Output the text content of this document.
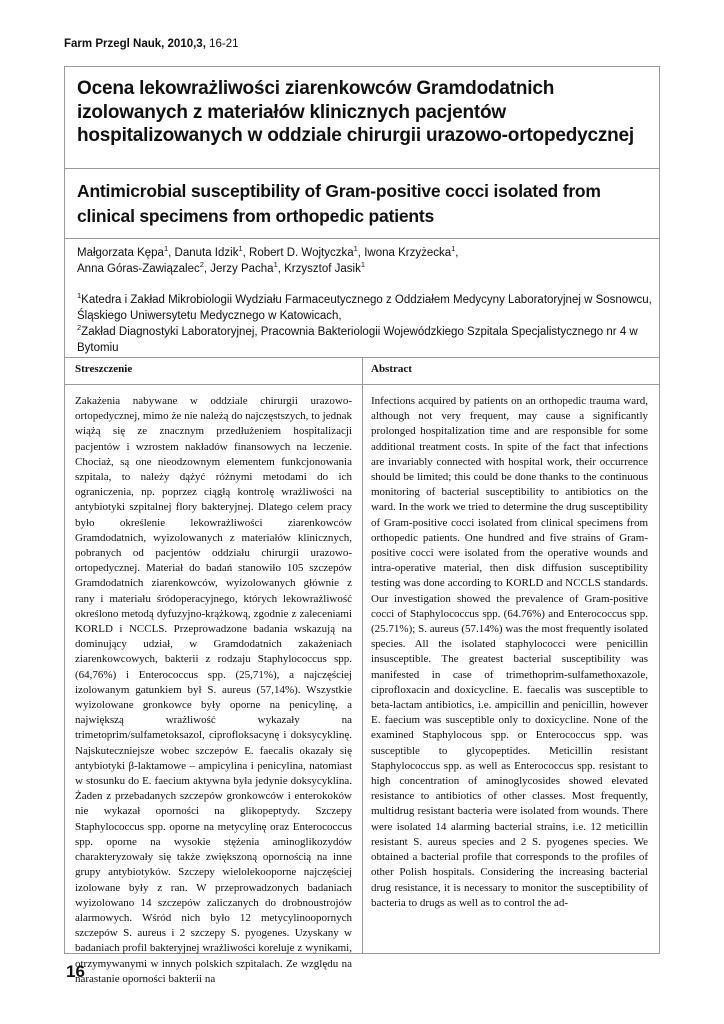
Farm Przegl Nauk, 2010,3, 16-21
Ocena lekowrażliwości ziarenkowców Gramdodatnich izolowanych z materiałów klinicznych pacjentów hospitalizowanych w oddziale chirurgii urazowo-ortopedycznej
Antimicrobial susceptibility of Gram-positive cocci isolated from clinical specimens from orthopedic patients
Małgorzata Kępa$^1$, Danuta Idzik$^1$, Robert D. Wojtyczka$^1$, Iwona Krzyżecka$^1$,
Anna Góras-Zawiązalec$^2$, Jerzy Pacha$^1$, Krzysztof Jasik$^1$
$^1$Katedra i Zakład Mikrobiologii Wydziału Farmaceutycznego z Oddziałem Medycyny Laboratoryjnej w Sosnowcu, Śląskiego Uniwersytetu Medycznego w Katowicach,
$^2$Zakład Diagnostyki Laboratoryjnej, Pracownia Bakteriologii Wojewódzkiego Szpitala Specjalistycznego nr 4 w Bytomiu
Streszczenie	Abstract
Zakażenia nabywane w oddziale chirurgii urazowo-ortopedycznej, mimo że nie należą do najczęstszych, to jednak wiążą się ze znacznym przedłużeniem hospitalizacji pacjentów i wzrostem nakładów finansowych na leczenie. Chociaż, są one nieodzownym elementem funkcjonowania szpitala, to należy dążyć różnymi metodami do ich ograniczenia, np. poprzez ciągłą kontrolę wrażliwości na antybiotyki szpitalnej flory bakteryjnej. Dlatego celem pracy było określenie lekowrażliwości ziarenkowców Gramdodatnich, wyizolowanych z materiałów klinicznych, pobranych od pacjentów oddziału chirurgii urazowo-ortopedycznej. Materiał do badań stanowiło 105 szczepów Gramdodatnich ziarenkowców, wyizolowanych głównie z rany i materiału śródoperacyjnego, których lekowrażliwość określono metodą dyfuzyjno-krążkową, zgodnie z zaleceniami KORLD i NCCLS. Przeprowadzone badania wskazują na dominujący udział, w Gramdodatnich zakażeniach ziarenkowcowych, bakterii z rodzaju Staphylococcus spp. (64,76%) i Enterococcus spp. (25,71%), a najczęściej izolowanym gatunkiem był S. aureus (57,14%). Wszystkie wyizolowane gronkowce były oporne na penicylinę, a największą wrażliwość wykazały na trimetoprim/sulfametoksazol, ciprofloksacynę i doksycyklinę. Najskuteczniejsze wobec szczepów E. faecalis okazały się antybiotyki β-laktamowe – ampicylina i penicylina, natomiast w stosunku do E. faecium aktywna była jedynie doksycyklina. Żaden z przebadanych szczepów gronkowców i enterokoków nie wykazał oporności na glikopeptydy. Szczepy Staphylococcus spp. oporne na metycylinę oraz Enterococcus spp. oporne na wysokie stężenia aminoglikozydów charakteryzowały się także zwiększoną opornością na inne grupy antybiotyków. Szczepy wielolekooporne najczęściej izolowane były z ran. W przeprowadzonych badaniach wyizolowano 14 szczepów zaliczanych do drobnoustrojów alarmowych. Wśród nich było 12 metycylinoopornych szczepów S. aureus i 2 szczepy S. pyogenes. Uzyskany w badaniach profil bakteryjnej wrażliwości koreluje z wynikami, otrzymywanymi w innych polskich szpitalach. Ze względu na narastanie oporności bakterii na
Infections acquired by patients on an orthopedic trauma ward, although not very frequent, may cause a significantly prolonged hospitalization time and are responsible for some additional treatment costs. In spite of the fact that infections are invariably connected with hospital work, their occurrence should be limited; this could be done thanks to the continuous monitoring of bacterial susceptibility to antibiotics on the ward. In the work we tried to determine the drug susceptibility of Gram-positive cocci isolated from clinical specimens from orthopedic patients. One hundred and five strains of Gram-positive cocci were isolated from the operative wounds and intra-operative material, then disk diffusion susceptibility testing was done according to KORLD and NCCLS standards. Our investigation showed the prevalence of Gram-positive cocci of Staphylococcus spp. (64.76%) and Enterococcus spp. (25.71%); S. aureus (57.14%) was the most frequently isolated species. All the isolated staphylococci were penicillin insusceptible. The greatest bacterial susceptibility was manifested in case of trimethoprim-sulfamethoxazole, ciprofloxacin and doxicycline. E. faecalis was susceptible to beta-lactam antibiotics, i.e. ampicillin and penicillin, however E. faecium was susceptible only to doxicycline. None of the examined Staphylocous spp. or Enterococcus spp. was susceptible to glycopeptides. Meticillin resistant Staphylococcus spp. as well as Enterococcus spp. resistant to high concentration of aminoglycosides showed elevated resistance to antibiotics of other classes. Most frequently, multidrug resistant bacteria were isolated from wounds. There were isolated 14 alarming bacterial strains, i.e. 12 meticillin resistant S. aureus species and 2 S. pyogenes species. We obtained a bacterial profile that corresponds to the profiles of other Polish hospitals. Considering the increasing bacterial drug resistance, it is necessary to monitor the susceptibility of bacteria to drugs as well as to control the ad-
16
